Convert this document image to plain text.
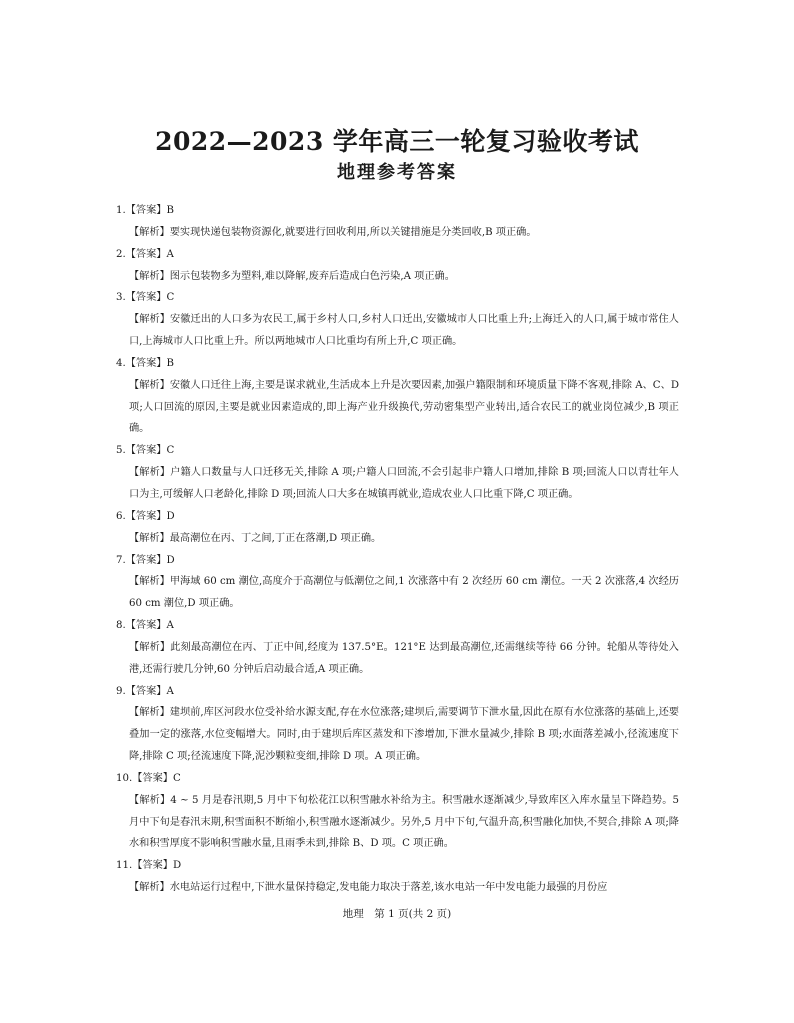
2022—2023 学年高三一轮复习验收考试
地理参考答案
1.【答案】B
【解析】要实现快递包装物资源化,就要进行回收利用,所以关键措施是分类回收,B 项正确。
2.【答案】A
【解析】图示包装物多为塑料,难以降解,废弃后造成白色污染,A 项正确。
3.【答案】C
【解析】安徽迁出的人口多为农民工,属于乡村人口,乡村人口迁出,安徽城市人口比重上升;上海迁入的人口,属于城市常住人口,上海城市人口比重上升。所以两地城市人口比重均有所上升,C 项正确。
4.【答案】B
【解析】安徽人口迁往上海,主要是谋求就业,生活成本上升是次要因素,加强户籍限制和环境质量下降不客观,排除 A、C、D 项;人口回流的原因,主要是就业因素造成的,即上海产业升级换代,劳动密集型产业转出,适合农民工的就业岗位减少,B 项正确。
5.【答案】C
【解析】户籍人口数量与人口迁移无关,排除 A 项;户籍人口回流,不会引起非户籍人口增加,排除 B 项;回流人口以青壮年人口为主,可缓解人口老龄化,排除 D 项;回流人口大多在城镇再就业,造成农业人口比重下降,C 项正确。
6.【答案】D
【解析】最高潮位在丙、丁之间,丁正在落潮,D 项正确。
7.【答案】D
【解析】甲海域 60 cm 潮位,高度介于高潮位与低潮位之间,1 次涨落中有 2 次经历 60 cm 潮位。一天 2 次涨落,4 次经历 60 cm 潮位,D 项正确。
8.【答案】A
【解析】此刻最高潮位在丙、丁正中间,经度为 137.5°E。121°E 达到最高潮位,还需继续等待 66 分钟。轮船从等待处入港,还需行驶几分钟,60 分钟后启动最合适,A 项正确。
9.【答案】A
【解析】建坝前,库区河段水位受补给水源支配,存在水位涨落;建坝后,需要调节下泄水量,因此在原有水位涨落的基础上,还要叠加一定的涨落,水位变幅增大。同时,由于建坝后库区蒸发和下渗增加,下泄水量减少,排除 B 项;水面落差减小,径流速度下降,排除 C 项;径流速度下降,泥沙颗粒变细,排除 D 项。A 项正确。
10.【答案】C
【解析】4 ~ 5 月是春汛期,5 月中下旬松花江以积雪融水补给为主。积雪融水逐渐减少,导致库区入库水量呈下降趋势。5 月中下旬是春汛末期,积雪面积不断缩小,积雪融水逐渐减少。另外,5 月中下旬,气温升高,积雪融化加快,不契合,排除 A 项;降水和积雪厚度不影响积雪融水量,且雨季未到,排除 B、D 项。C 项正确。
11.【答案】D
【解析】水电站运行过程中,下泄水量保持稳定,发电能力取决于落差,该水电站一年中发电能力最强的月份应
地理　第 1 页(共 2 页)
